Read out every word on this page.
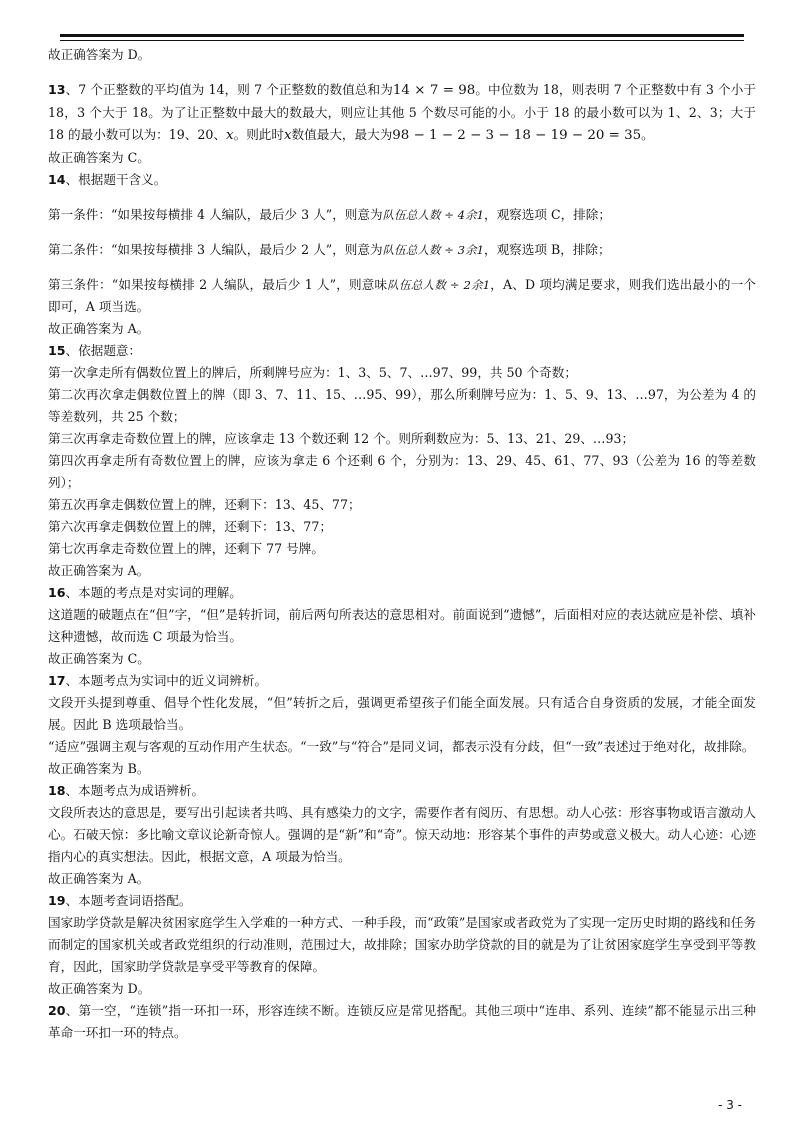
故正确答案为 D。

13、7 个正整数的平均值为 14，则 7 个正整数的数值总和为14 × 7 = 98。中位数为 18，则表明 7 个正整数中有 3 个小于 18，3 个大于 18。为了让正整数中最大的数最大，则应让其他 5 个数尽可能的小。小于 18 的最小数可以为 1、2、3；大于 18 的最小数可以为：19、20、x。则此时x数值最大，最大为98 − 1 − 2 − 3 − 18 − 19 − 20 = 35。

故正确答案为 C。

14、根据题干含义。

第一条件：“如果按每横排 4 人编队，最后少 3 人”，则意为队伍总人数 ÷ 4余1，观察选项 C，排除；

第二条件：“如果按每横排 3 人编队，最后少 2 人”，则意为队伍总人数 ÷ 3余1，观察选项 B，排除；

第三条件：“如果按每横排 2 人编队，最后少 1 人”，则意味队伍总人数 ÷ 2余1，A、D 项均满足要求，则我们选出最小的一个即可，A 项当选。

故正确答案为 A。

15、依据题意：

第一次拿走所有偶数位置上的牌后，所剩牌号应为：1、3、5、7、…97、99，共 50 个奇数；

第二次再次拿走偶数位置上的牌（即 3、7、11、15、…95、99），那么所剩牌号应为：1、5、9、13、…97，为公差为 4 的等差数列，共 25 个数；

第三次再拿走奇数位置上的牌，应该拿走 13 个数还剩 12 个。则所剩数应为：5、13、21、29、…93；

第四次再拿走所有奇数位置上的牌，应该为拿走 6 个还剩 6 个，分别为：13、29、45、61、77、93（公差为 16 的等差数列）；

第五次再拿走偶数位置上的牌，还剩下：13、45、77；

第六次再拿走偶数位置上的牌，还剩下：13、77；

第七次再拿走奇数位置上的牌，还剩下 77 号牌。

故正确答案为 A。

16、本题的考点是对实词的理解。

这道题的破题点在“但”字，“但”是转折词，前后两句所表达的意思相对。前面说到“遗憾”，后面相对应的表达就应是补偿、填补这种遗憾，故而选 C 项最为恰当。

故正确答案为 C。

17、本题考点为实词中的近义词辨析。

文段开头提到尊重、倡导个性化发展，“但”转折之后，强调更希望孩子们能全面发展。只有适合自身资质的发展，才能全面发展。因此 B 选项最恰当。

“适应”强调主观与客观的互动作用产生状态。“一致”与“符合”是同义词，都表示没有分歧，但“一致”表述过于绝对化，故排除。

故正确答案为 B。

18、本题考点为成语辨析。

文段所表达的意思是，要写出引起读者共鸣、具有感染力的文字，需要作者有阅历、有思想。动人心弦：形容事物或语言激动人心。石破天惊：多比喻文章议论新奇惊人。强调的是“新”和“奇”。惊天动地：形容某个事件的声势或意义极大。动人心迹：心迹指内心的真实想法。因此，根据文意，A 项最为恰当。

故正确答案为 A。

19、本题考查词语搭配。

国家助学贷款是解决贫困家庭学生入学难的一种方式、一种手段，而“政策”是国家或者政党为了实现一定历史时期的路线和任务而制定的国家机关或者政党组织的行动准则，范围过大，故排除；国家办助学贷款的目的就是为了让贫困家庭学生享受到平等教育，因此，国家助学贷款是享受平等教育的保障。

故正确答案为 D。

20、第一空，“连锁”指一环扣一环，形容连续不断。连锁反应是常见搭配。其他三项中“连串、系列、连续”都不能显示出三种革命一环扣一环的特点。

- 3 -
